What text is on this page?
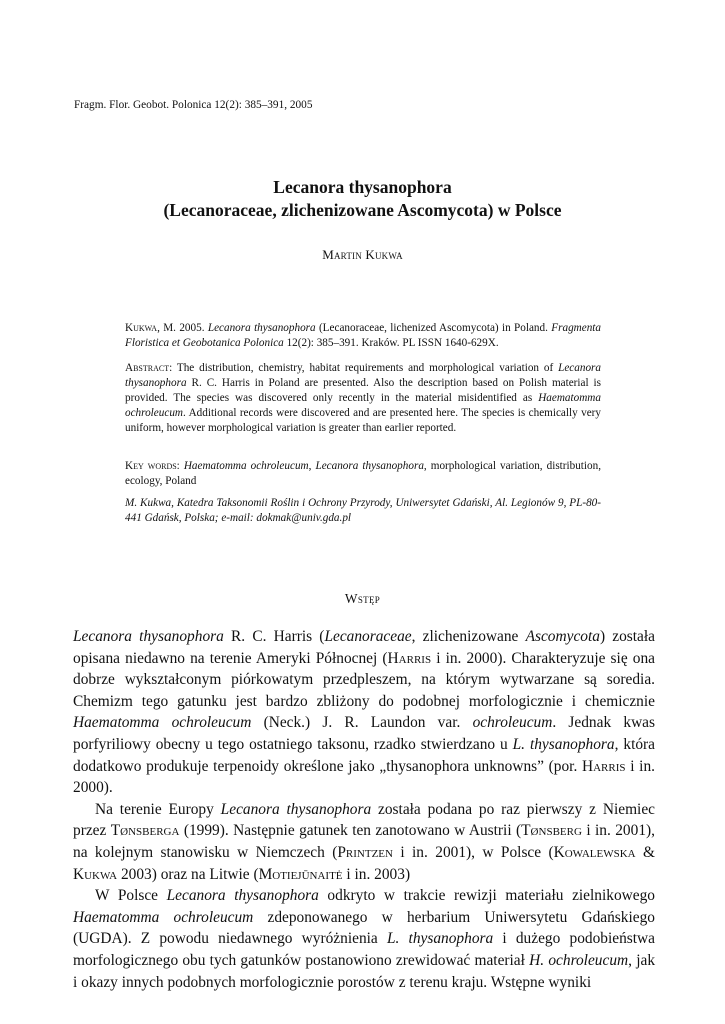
Fragm. Flor. Geobot. Polonica 12(2): 385–391, 2005
Lecanora thysanophora
(Lecanoraceae, zlichenizowane Ascomycota) w Polsce
Martin Kukwa
Kukwa, M. 2005. Lecanora thysanophora (Lecanoraceae, lichenized Ascomycota) in Poland. Fragmenta Floristica et Geobotanica Polonica 12(2): 385–391. Kraków. PL ISSN 1640-629X.
Abstract: The distribution, chemistry, habitat requirements and morphological variation of Lecanora thysanophora R. C. Harris in Poland are presented. Also the description based on Polish material is provided. The species was discovered only recently in the material misidentified as Haematomma ochroleucum. Additional records were discovered and are presented here. The species is chemically very uniform, however morphological variation is greater than earlier reported.
Key words: Haematomma ochroleucum, Lecanora thysanophora, morphological variation, distribution, ecology, Poland
M. Kukwa, Katedra Taksonomii Roślin i Ochrony Przyrody, Uniwersytet Gdański, Al. Legionów 9, PL-80-441 Gdańsk, Polska; e-mail: dokmak@univ.gda.pl
Wstęp

Lecanora thysanophora R. C. Harris (Lecanoraceae, zlichenizowane Ascomycota) została opisana niedawno na terenie Ameryki Północnej (Harris i in. 2000). Charakteryzuje się ona dobrze wykształconym piórkowatym przedpleszem, na którym wytwarzane są soredia. Chemizm tego gatunku jest bardzo zbliżony do podobnej morfologicznie i chemicznie Haematomma ochroleucum (Neck.) J. R. Laundon var. ochroleucum. Jednak kwas porfyriliowy obecny u tego ostatniego taksonu, rzadko stwierdzano u L. thysanophora, która dodatkowo produkuje terpenoidy określone jako „thysanophora unknowns” (por. Harris i in. 2000).

Na terenie Europy Lecanora thysanophora została podana po raz pierwszy z Niemiec przez Tønsberga (1999). Następnie gatunek ten zanotowano w Austrii (Tønsberg i in. 2001), na kolejnym stanowisku w Niemczech (Printzen i in. 2001), w Polsce (Kowalewska & Kukwa 2003) oraz na Litwie (Motiejūnaitė i in. 2003)

W Polsce Lecanora thysanophora odkryto w trakcie rewizji materiału zielnikowego Haematomma ochroleucum zdeponowanego w herbarium Uniwersytetu Gdańskiego (UGDA). Z powodu niedawnego wyróżnienia L. thysanophora i dużego podobieństwa morfologicznego obu tych gatunków postanowiono zrewidować materiał H. ochroleucum, jak i okazy innych podobnych morfologicznie porostów z terenu kraju. Wstępne wyniki
